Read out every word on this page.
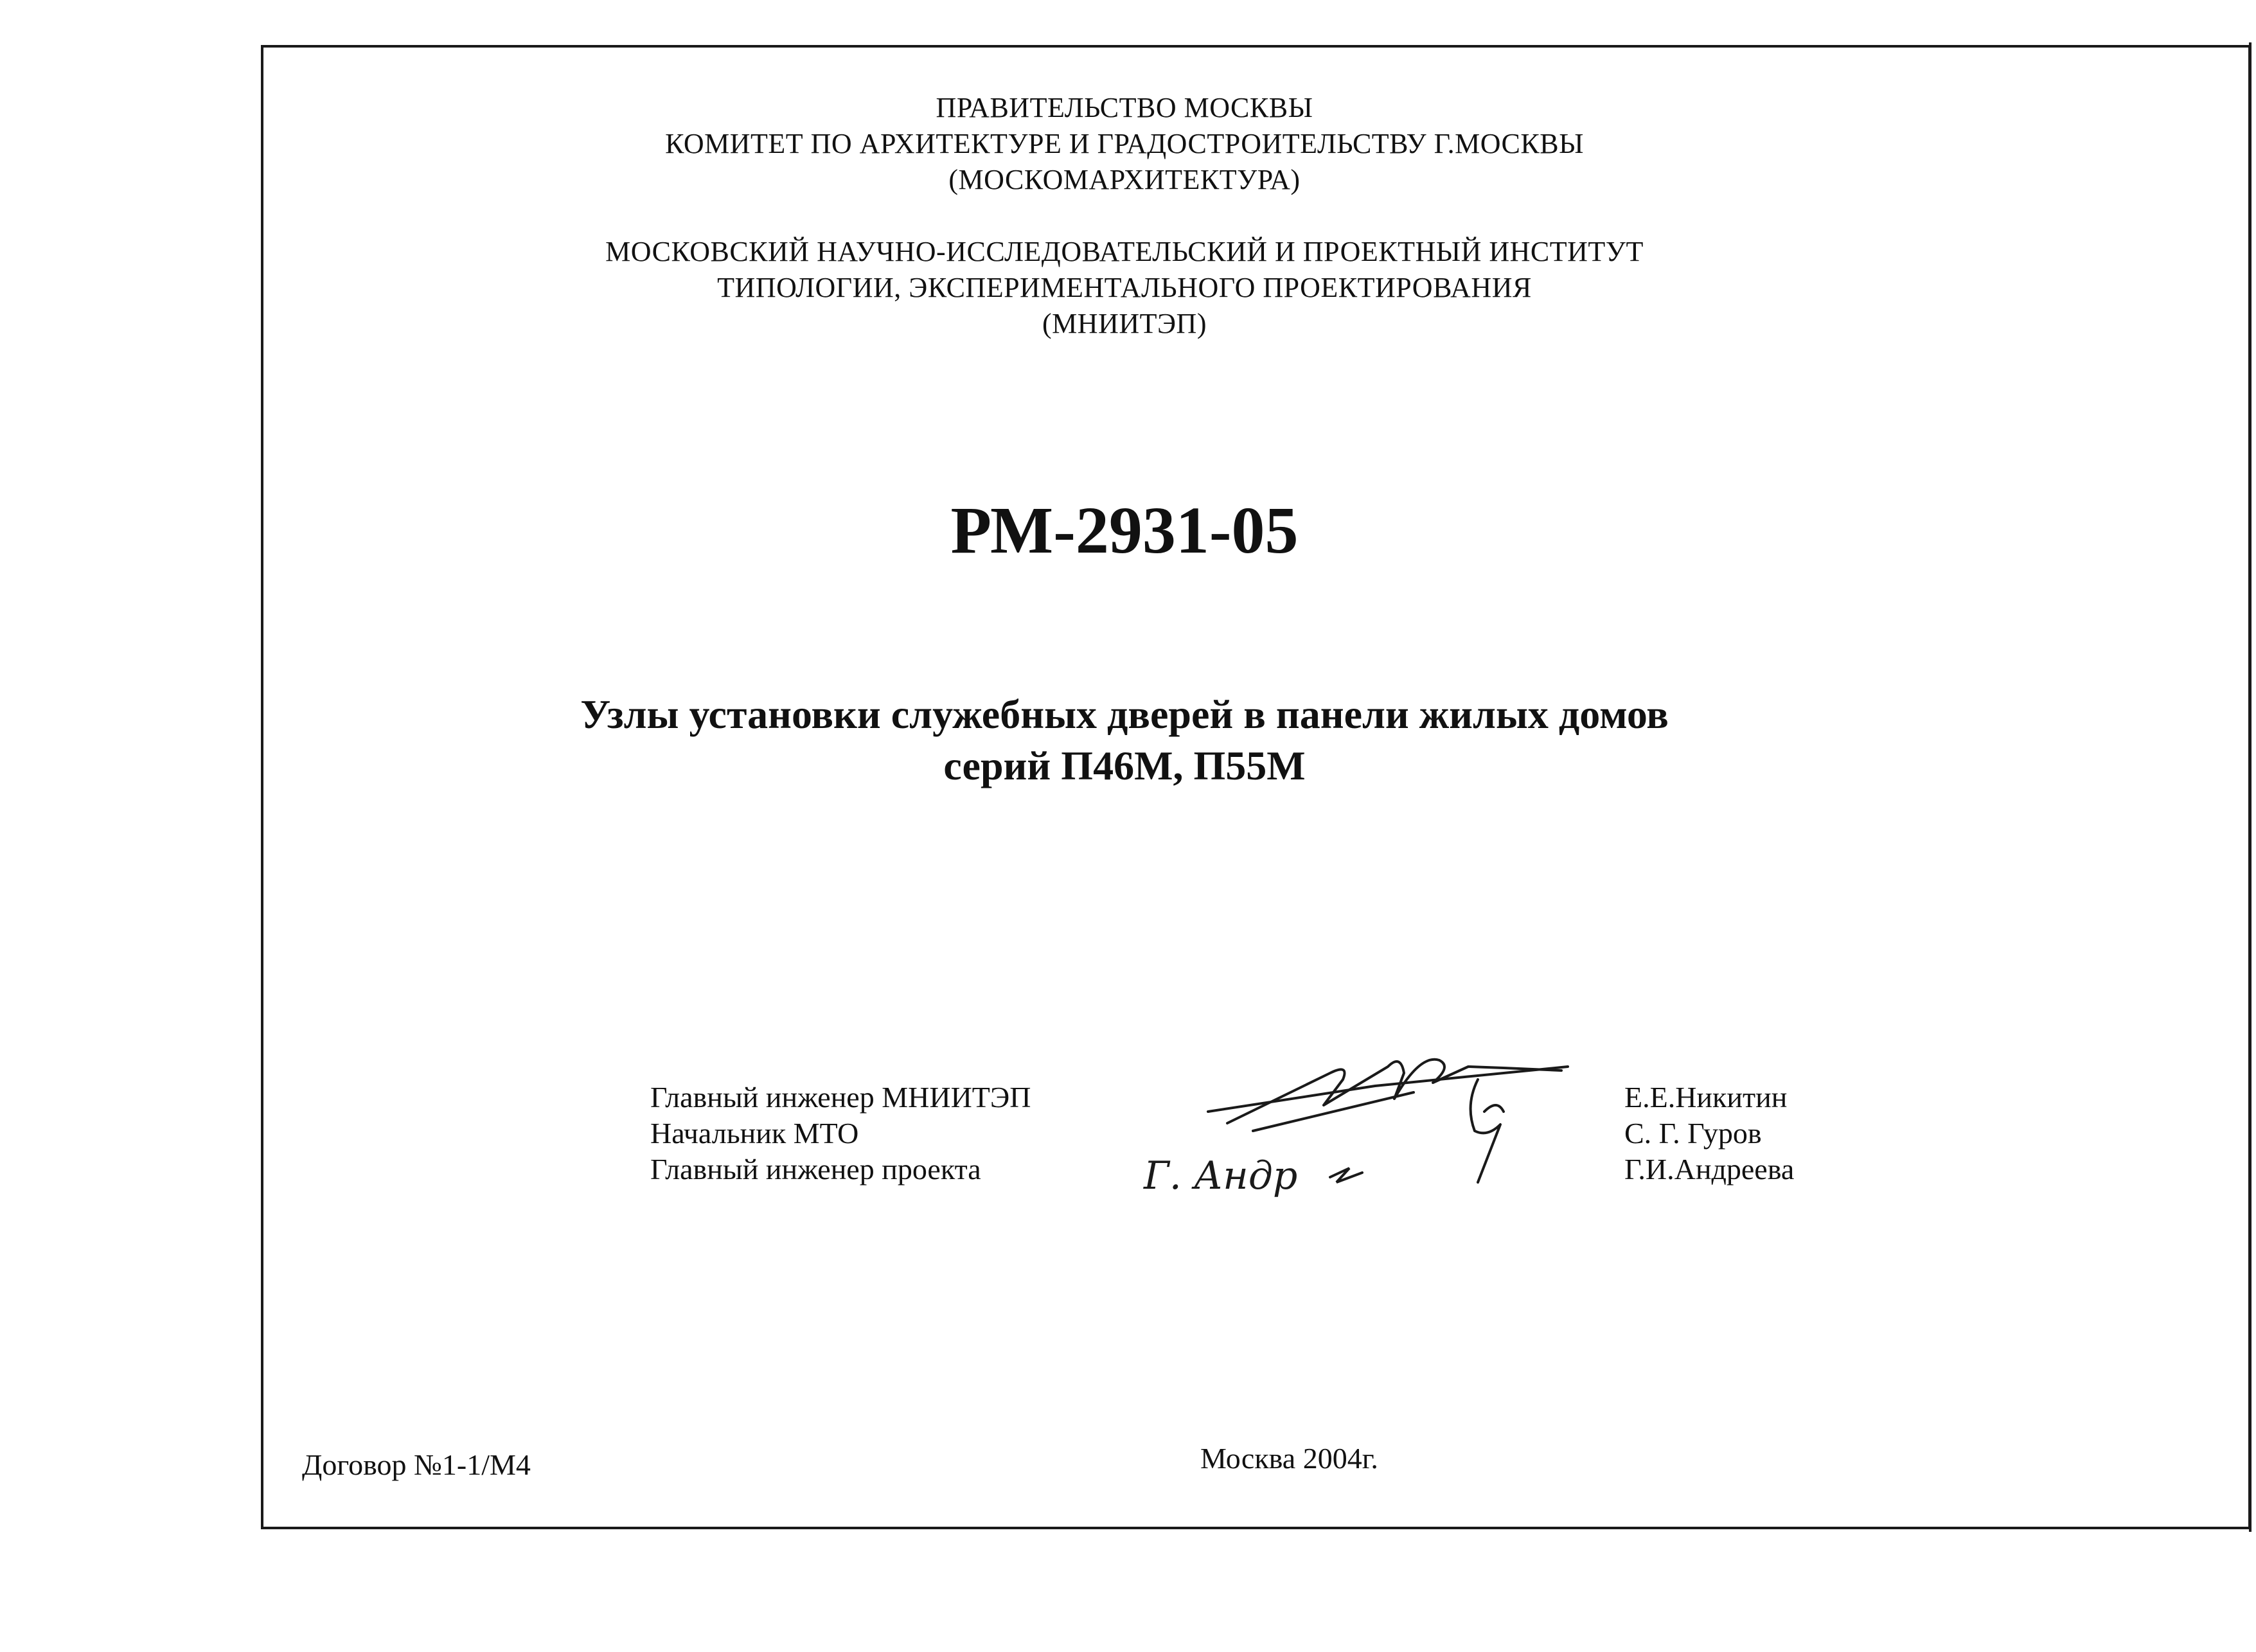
ПРАВИТЕЛЬСТВО МОСКВЫ
КОМИТЕТ ПО АРХИТЕКТУРЕ И ГРАДОСТРОИТЕЛЬСТВУ Г.МОСКВЫ
(МОСКОМАРХИТЕКТУРА)
МОСКОВСКИЙ НАУЧНО-ИССЛЕДОВАТЕЛЬСКИЙ И ПРОЕКТНЫЙ ИНСТИТУТ
ТИПОЛОГИИ, ЭКСПЕРИМЕНТАЛЬНОГО ПРОЕКТИРОВАНИЯ
(МНИИТЭП)
РМ-2931-05
Узлы установки служебных дверей в панели жилых домов
серий П46М, П55М
Главный инженер МНИИТЭП
Начальник МТО
Главный инженер проекта	Г. Андр
Е.Е.Никитин
С. Г. Гуров
Г.И.Андреева
Договор №1-1/М4	Москва 2004г.
